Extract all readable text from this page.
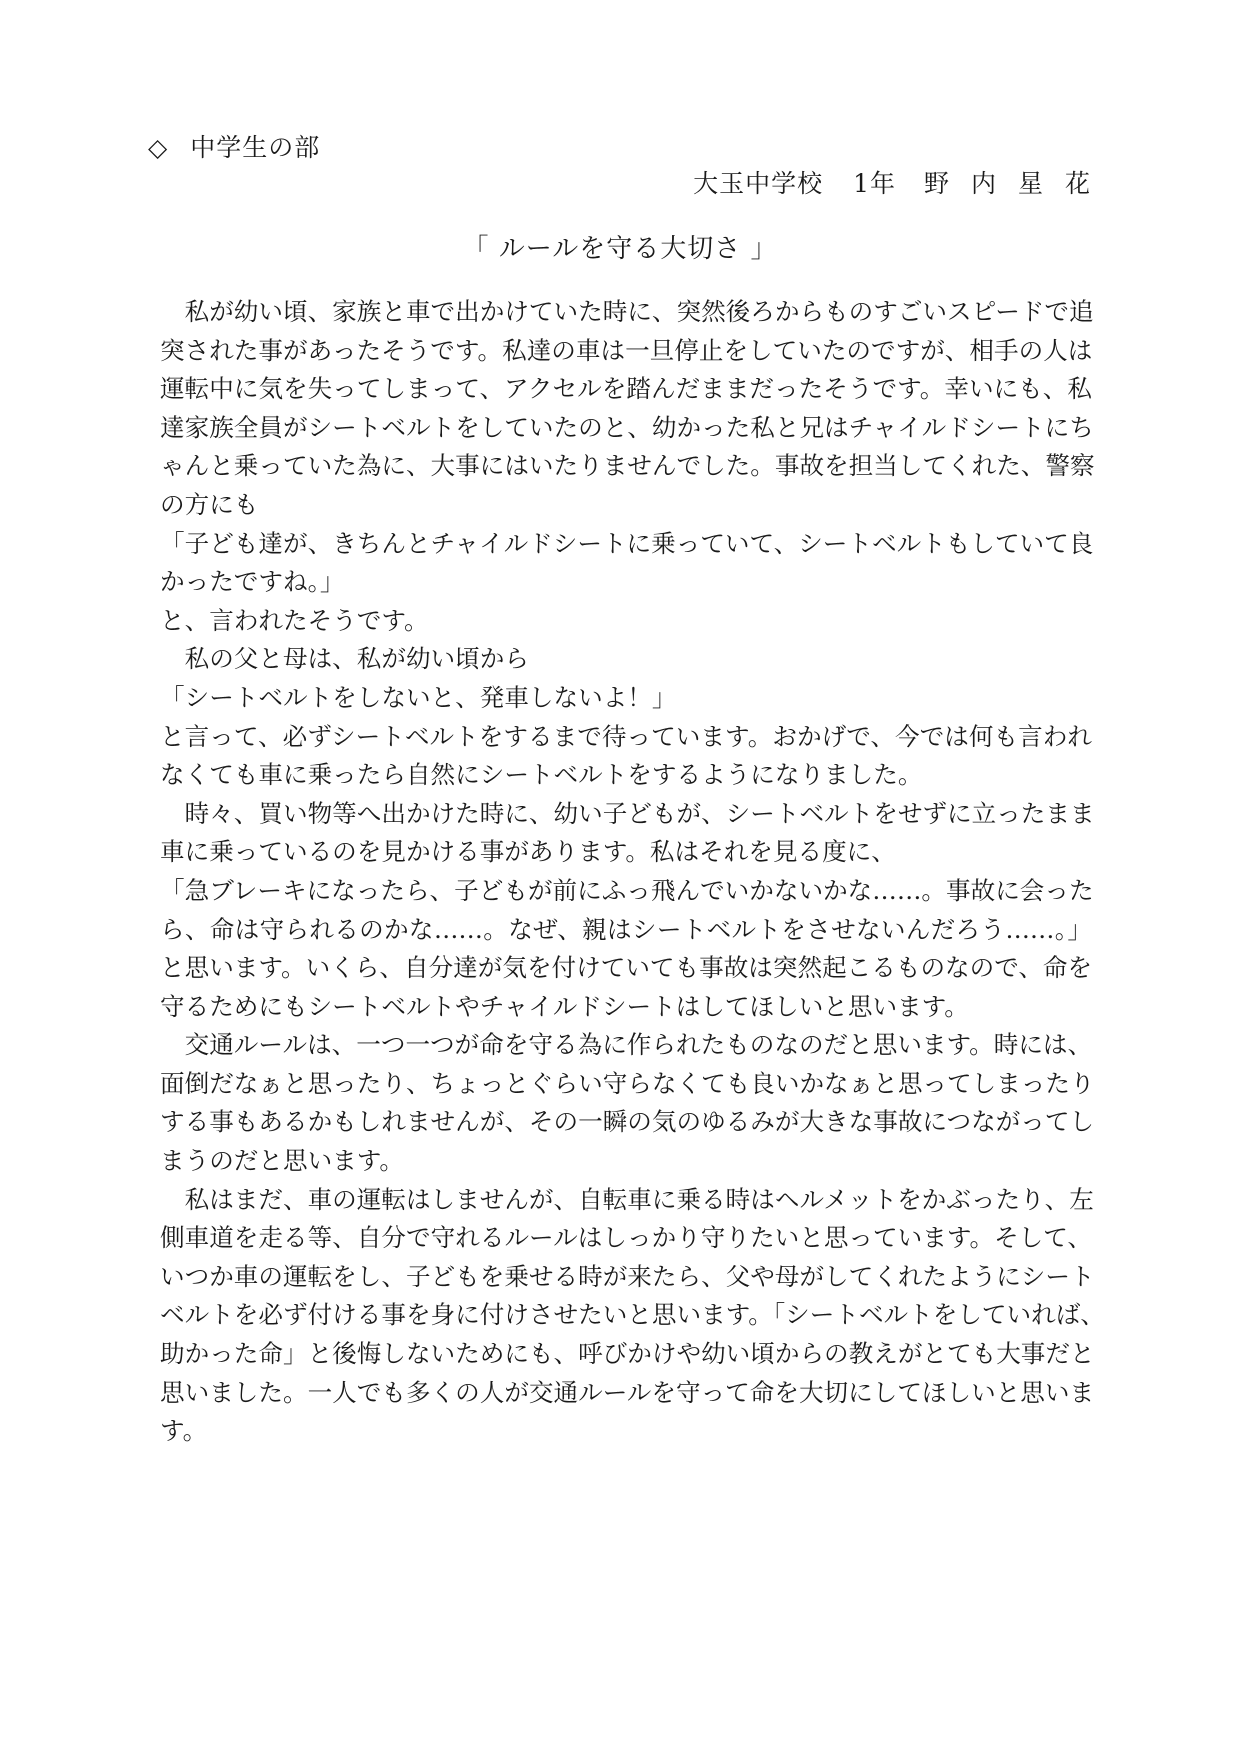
◇ 中学生の部
大玉中学校 1年 野内星花
「 ルールを守る大切さ 」
私が幼い頃、家族と車で出かけていた時に、突然後ろからものすごいスピードで追
突された事があったそうです。私達の車は一旦停止をしていたのですが、相手の人は
運転中に気を失ってしまって、アクセルを踏んだままだったそうです。幸いにも、私
達家族全員がシートベルトをしていたのと、幼かった私と兄はチャイルドシートにち
ゃんと乗っていた為に、大事にはいたりませんでした。事故を担当してくれた、警察
の方にも
「子ども達が、きちんとチャイルドシートに乗っていて、シートベルトもしていて良
かったですね。」
と、言われたそうです。
私の父と母は、私が幼い頃から
「シートベルトをしないと、発車しないよ！」
と言って、必ずシートベルトをするまで待っています。おかげで、今では何も言われ
なくても車に乗ったら自然にシートベルトをするようになりました。
時々、買い物等へ出かけた時に、幼い子どもが、シートベルトをせずに立ったまま
車に乗っているのを見かける事があります。私はそれを見る度に、
「急ブレーキになったら、子どもが前にふっ飛んでいかないかな……。事故に会った
ら、命は守られるのかな……。なぜ、親はシートベルトをさせないんだろう……。」
と思います。いくら、自分達が気を付けていても事故は突然起こるものなので、命を
守るためにもシートベルトやチャイルドシートはしてほしいと思います。
交通ルールは、一つ一つが命を守る為に作られたものなのだと思います。時には、
面倒だなぁと思ったり、ちょっとぐらい守らなくても良いかなぁと思ってしまったり
する事もあるかもしれませんが、その一瞬の気のゆるみが大きな事故につながってし
まうのだと思います。
私はまだ、車の運転はしませんが、自転車に乗る時はヘルメットをかぶったり、左
側車道を走る等、自分で守れるルールはしっかり守りたいと思っています。そして、
いつか車の運転をし、子どもを乗せる時が来たら、父や母がしてくれたようにシート
ベルトを必ず付ける事を身に付けさせたいと思います。「シートベルトをしていれば、
助かった命」と後悔しないためにも、呼びかけや幼い頃からの教えがとても大事だと
思いました。一人でも多くの人が交通ルールを守って命を大切にしてほしいと思いま
す。
